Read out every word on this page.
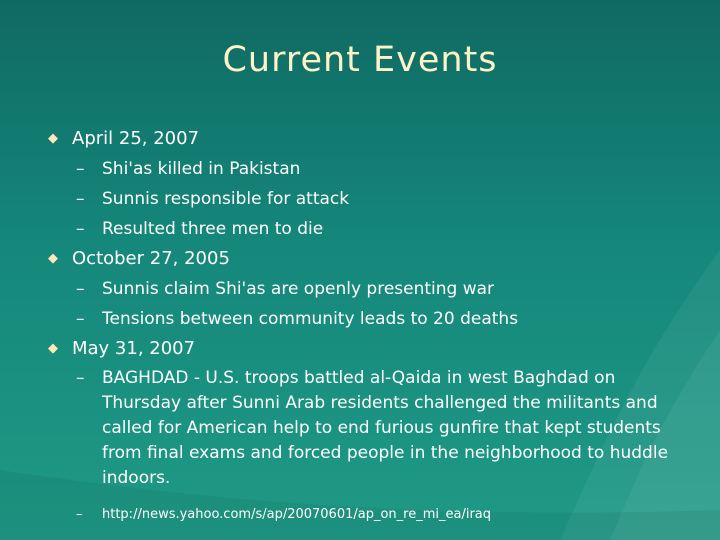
Current Events
◆ April 25, 2007
–	Shi'as killed in Pakistan
–	Sunnis responsible for attack
–	Resulted three men to die
◆ October 27, 2005
–	Sunnis claim Shi'as are openly presenting war
–	Tensions between community leads to 20 deaths
◆ May 31, 2007
–	BAGHDAD - U.S. troops battled al-Qaida in west Baghdad on Thursday after Sunni Arab residents challenged the militants and called for American help to end furious gunfire that kept students from final exams and forced people in the neighborhood to huddle indoors.
–	http://news.yahoo.com/s/ap/20070601/ap_on_re_mi_ea/iraq
